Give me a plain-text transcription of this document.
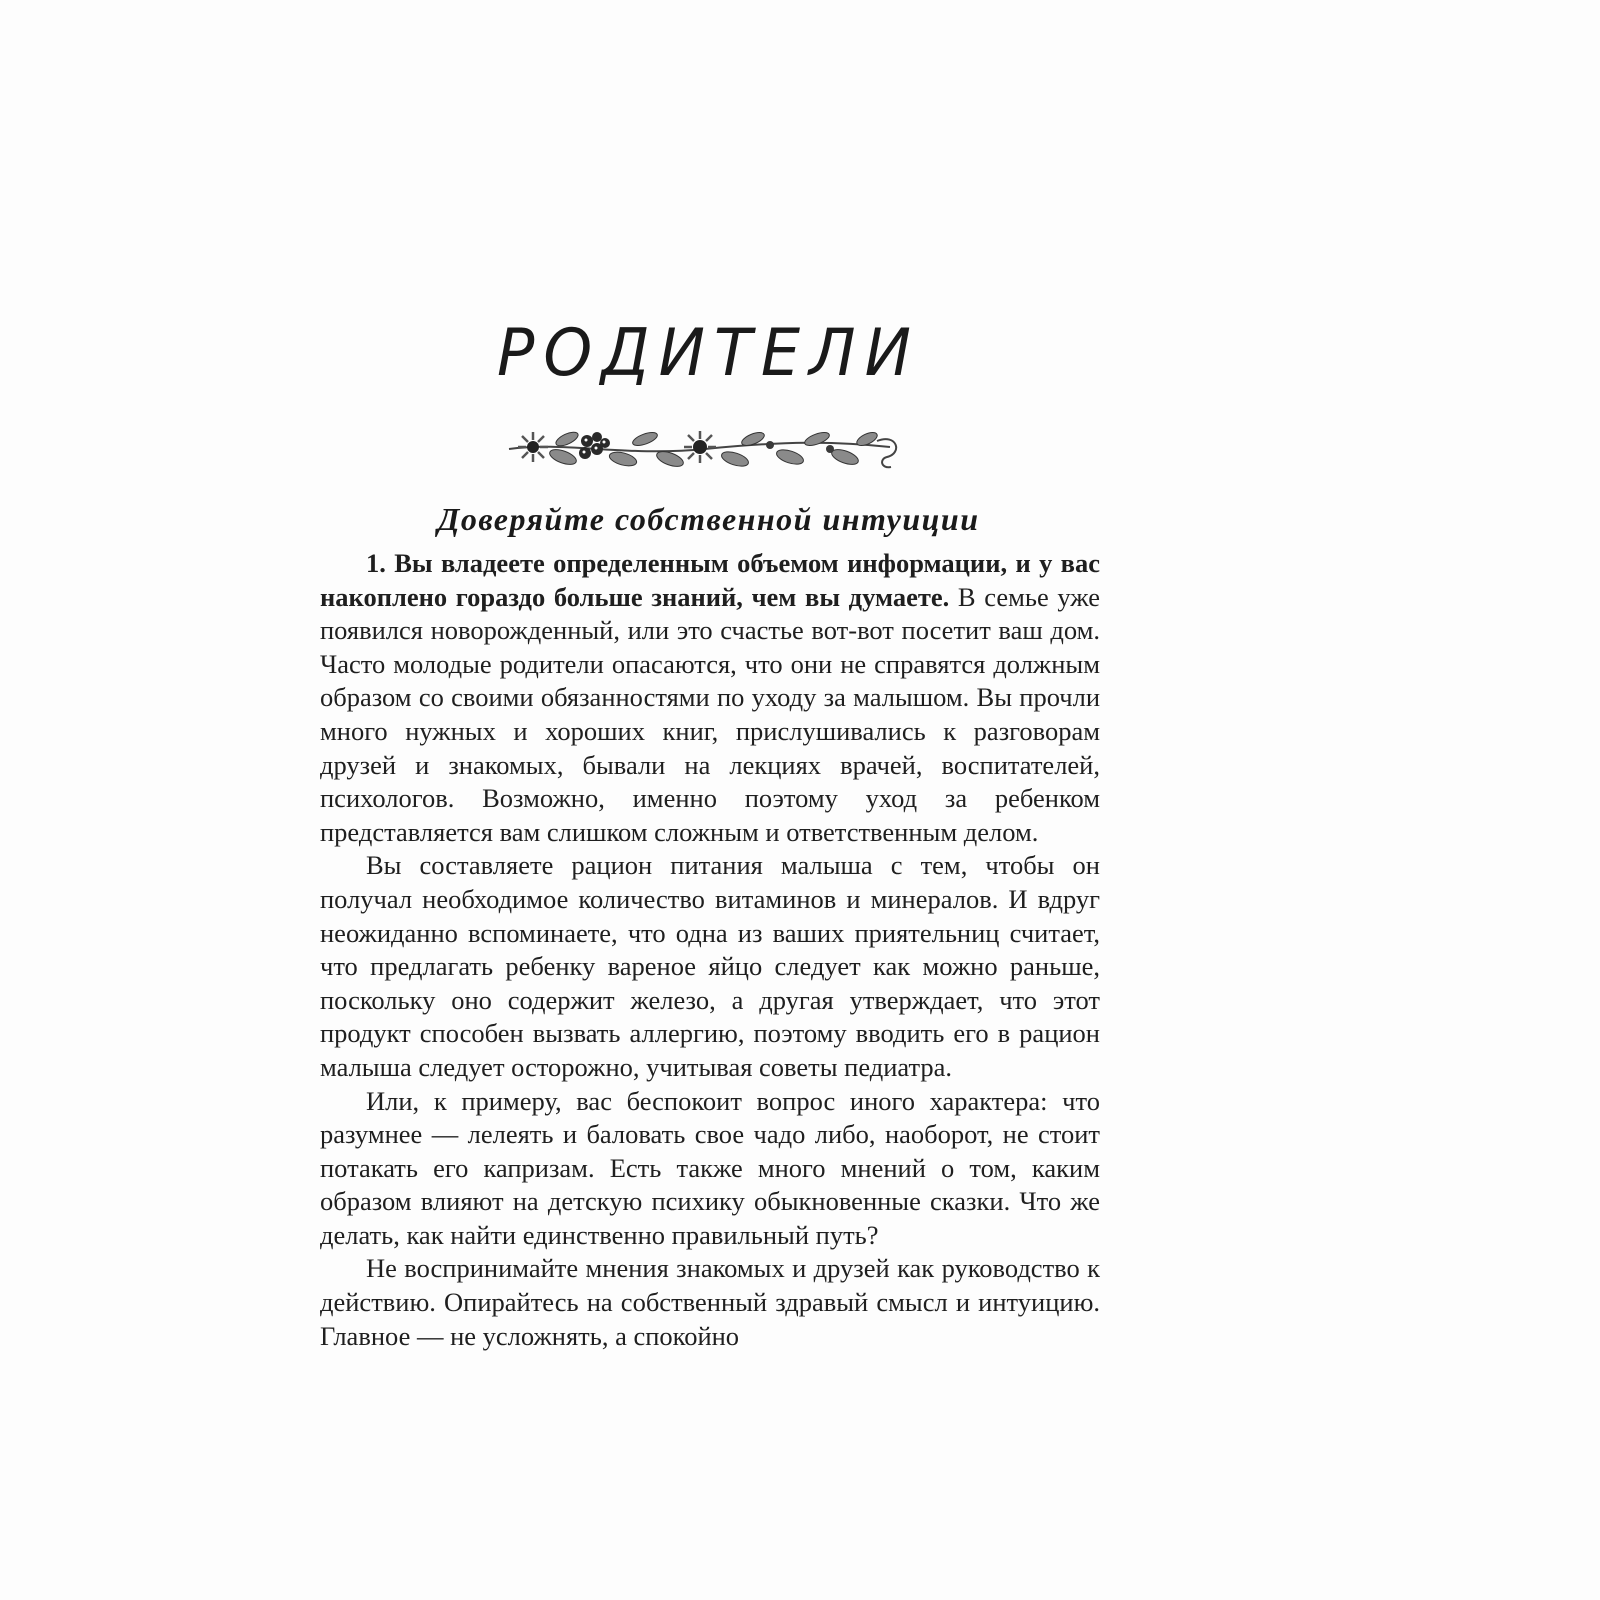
РОДИТЕЛИ
Доверяйте собственной интуиции

1. Вы владеете определенным объемом информации, и у вас накоплено гораздо больше знаний, чем вы думаете. В семье уже появился новорожденный, или это счастье вот-вот посетит ваш дом. Часто молодые родители опасаются, что они не справятся должным образом со своими обязанностями по уходу за малышом. Вы прочли много нужных и хороших книг, прислушивались к разговорам друзей и знакомых, бывали на лекциях врачей, воспитателей, психологов. Возможно, именно поэтому уход за ребенком представляется вам слишком сложным и ответственным делом.

Вы составляете рацион питания малыша с тем, чтобы он получал необходимое количество витаминов и минералов. И вдруг неожиданно вспоминаете, что одна из ваших приятельниц считает, что предлагать ребенку вареное яйцо следует как можно раньше, поскольку оно содержит железо, а другая утверждает, что этот продукт способен вызвать аллергию, поэтому вводить его в рацион малыша следует осторожно, учитывая советы педиатра.

Или, к примеру, вас беспокоит вопрос иного характера: что разумнее — лелеять и баловать свое чадо либо, наоборот, не стоит потакать его капризам. Есть также много мнений о том, каким образом влияют на детскую психику обыкновенные сказки. Что же делать, как найти единственно правильный путь?

Не воспринимайте мнения знакомых и друзей как руководство к действию. Опирайтесь на собственный здравый смысл и интуицию. Главное — не усложнять, а спокойно
